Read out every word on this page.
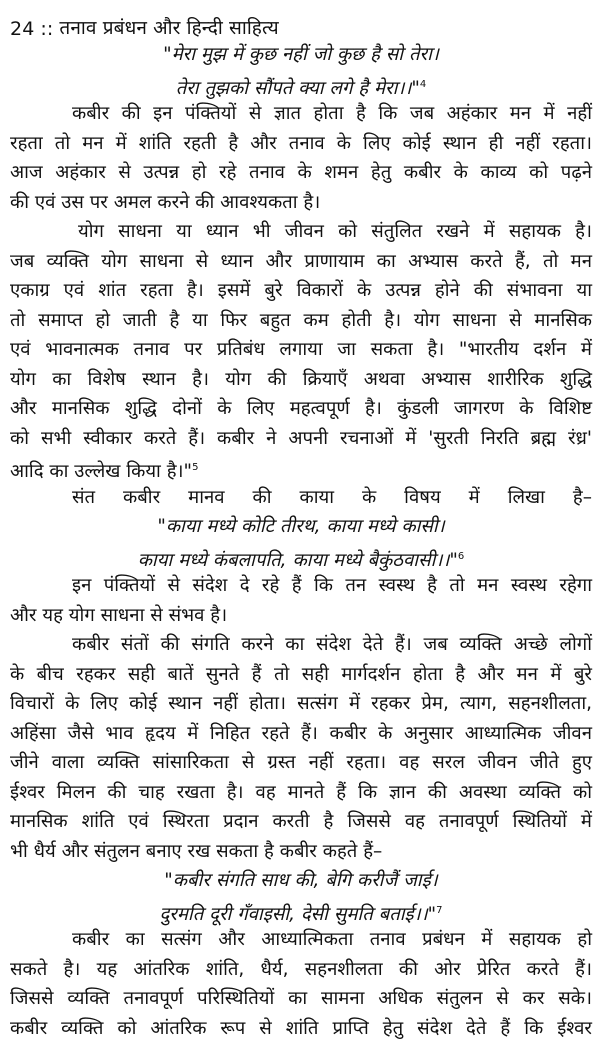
24 :: तनाव प्रबंधन और हिन्दी साहित्य
"मेरा मुझ में कुछ नहीं जो कुछ है सो तेरा।
तेरा तुझको सौंपते क्या लगे है मेरा।।"$^4$
कबीर की इन पंक्तियों से ज्ञात होता है कि जब अहंकार मन में नहीं
रहता तो मन में शांति रहती है और तनाव के लिए कोई स्थान ही नहीं रहता।
आज अहंकार से उत्पन्न हो रहे तनाव के शमन हेतु कबीर के काव्य को पढ़ने
की एवं उस पर अमल करने की आवश्यकता है।
योग साधना या ध्यान भी जीवन को संतुलित रखने में सहायक है।
जब व्यक्ति योग साधना से ध्यान और प्राणायाम का अभ्यास करते हैं, तो मन
एकाग्र एवं शांत रहता है। इसमें बुरे विकारों के उत्पन्न होने की संभावना या
तो समाप्त हो जाती है या फिर बहुत कम होती है। योग साधना से मानसिक
एवं भावनात्मक तनाव पर प्रतिबंध लगाया जा सकता है। "भारतीय दर्शन में
योग का विशेष स्थान है। योग की क्रियाएँ अथवा अभ्यास शारीरिक शुद्धि
और मानसिक शुद्धि दोनों के लिए महत्वपूर्ण है। कुंडली जागरण के विशिष्ट
को सभी स्वीकार करते हैं। कबीर ने अपनी रचनाओं में 'सुरती निरति ब्रह्म रंध्र'
आदि का उल्लेख किया है।"$^5$
संत कबीर मानव की काया के विषय में लिखा है–
"काया मध्ये कोटि तीरथ, काया मध्ये कासी।
काया मध्ये कंबलापति, काया मध्ये बैकुंठवासी।।"$^6$
इन पंक्तियों से संदेश दे रहे हैं कि तन स्वस्थ है तो मन स्वस्थ रहेगा
और यह योग साधना से संभव है।
कबीर संतों की संगति करने का संदेश देते हैं। जब व्यक्ति अच्छे लोगों
के बीच रहकर सही बातें सुनते हैं तो सही मार्गदर्शन होता है और मन में बुरे
विचारों के लिए कोई स्थान नहीं होता। सत्संग में रहकर प्रेम, त्याग, सहनशीलता,
अहिंसा जैसे भाव हृदय में निहित रहते हैं। कबीर के अनुसार आध्यात्मिक जीवन
जीने वाला व्यक्ति सांसारिकता से ग्रस्त नहीं रहता। वह सरल जीवन जीते हुए
ईश्वर मिलन की चाह रखता है। वह मानते हैं कि ज्ञान की अवस्था व्यक्ति को
मानसिक शांति एवं स्थिरता प्रदान करती है जिससे वह तनावपूर्ण स्थितियों में
भी धैर्य और संतुलन बनाए रख सकता है कबीर कहते हैं–
"कबीर संगति साध की, बेगि करीजैं जाई।
दुरमति दूरी गँवाइसी, देसी सुमति बताई।।"$^7$
कबीर का सत्संग और आध्यात्मिकता तनाव प्रबंधन में सहायक हो
सकते है। यह आंतरिक शांति, धैर्य, सहनशीलता की ओर प्रेरित करते हैं।
जिससे व्यक्ति तनावपूर्ण परिस्थितियों का सामना अधिक संतुलन से कर सके।
कबीर व्यक्ति को आंतरिक रूप से शांति प्राप्ति हेतु संदेश देते हैं कि ईश्वर
